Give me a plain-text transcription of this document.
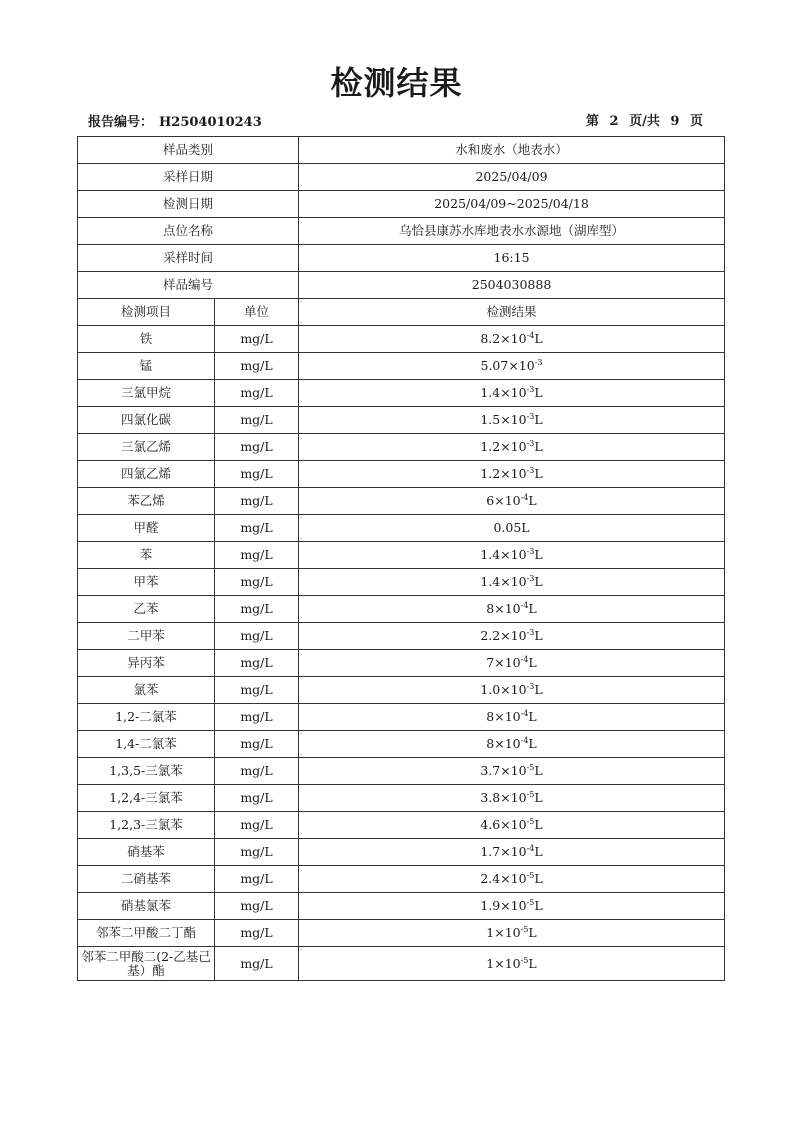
检测结果
报告编号： H2504010243	第 2 页/共 9 页
样品类别		水和废水（地表水）
采样日期		2025/04/09
检测日期		2025/04/09~2025/04/18
点位名称		乌恰县康苏水库地表水水源地（湖库型）
采样时间		16:15
样品编号		2504030888
检测项目	单位	检测结果
铁	mg/L	$8.2\times 10^{-4}L$
锰	mg/L	$5.07\times 10^{-3}$
三氯甲烷	mg/L	$1.4\times 10^{-3}L$
四氯化碳	mg/L	$1.5\times 10^{-3}L$
三氯乙烯	mg/L	$1.2\times 10^{-3}L$
四氯乙烯	mg/L	$1.2\times 10^{-3}L$
苯乙烯	mg/L	$6\times 10^{-4}L$
甲醛	mg/L	0.05L
苯	mg/L	$1.4\times 10^{-3}L$
甲苯	mg/L	$1.4\times 10^{-3}L$
乙苯	mg/L	$8\times 10^{-4}L$
二甲苯	mg/L	$2.2\times 10^{-3}L$
异丙苯	mg/L	$7\times 10^{-4}L$
氯苯	mg/L	$1.0\times 10^{-3}L$
1,2-二氯苯	mg/L	$8\times 10^{-4}L$
1,4-二氯苯	mg/L	$8\times 10^{-4}L$
1,3,5-三氯苯	mg/L	$3.7\times 10^{-5}L$
1,2,4-三氯苯	mg/L	$3.8\times 10^{-5}L$
1,2,3-三氯苯	mg/L	$4.6\times 10^{-5}L$
硝基苯	mg/L	$1.7\times 10^{-4}L$
二硝基苯	mg/L	$2.4\times 10^{-5}L$
硝基氯苯	mg/L	$1.9\times 10^{-5}L$
邻苯二甲酸二丁酯	mg/L	$1\times 10^{-5}L$
邻苯二甲酸二(2-乙基己基）酯	mg/L	$1\times 10^{-5}L$
